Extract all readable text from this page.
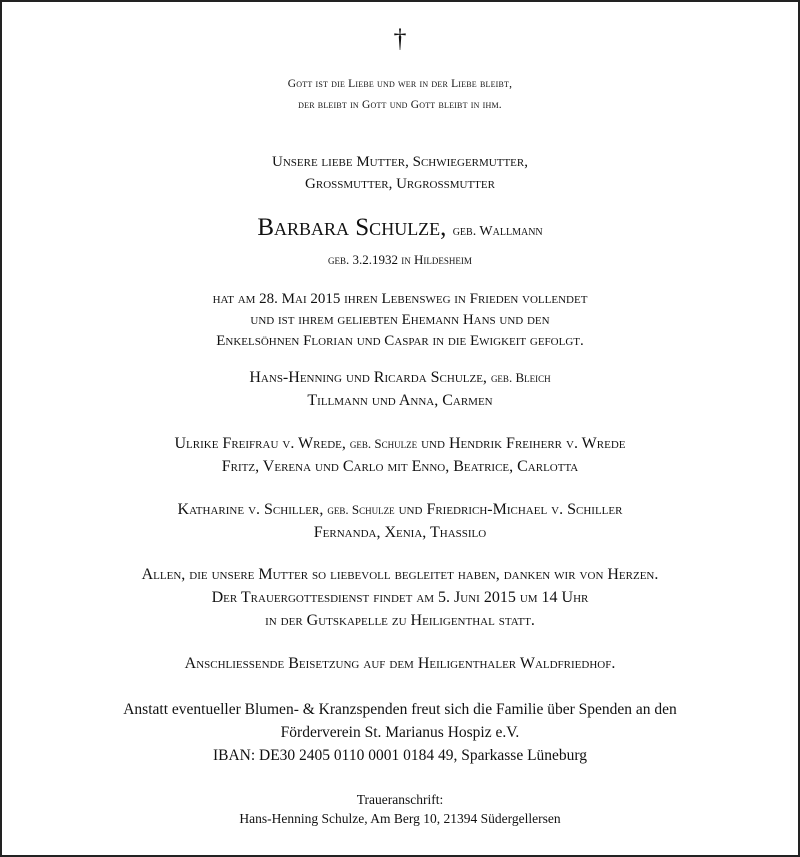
†
Gott ist die Liebe und wer in der Liebe bleibt,
der bleibt in Gott und Gott bleibt in ihm.
Unsere liebe Mutter, Schwiegermutter,
Grossmutter, Urgrossmutter
Barbara Schulze, geb. Wallmann
geb. 3.2.1932 in Hildesheim
hat am 28. Mai 2015 ihren Lebensweg in Frieden vollendet
und ist ihrem geliebten Ehemann Hans und den
Enkelsöhnen Florian und Caspar in die Ewigkeit gefolgt.
Hans-Henning und Ricarda Schulze, geb. Bleich
Tillmann und Anna, Carmen
Ulrike Freifrau v. Wrede, geb. Schulze und Hendrik Freiherr v. Wrede
Fritz, Verena und Carlo mit Enno, Beatrice, Carlotta
Katharine v. Schiller, geb. Schulze und Friedrich-Michael v. Schiller
Fernanda, Xenia, Thassilo
Allen, die unsere Mutter so liebevoll begleitet haben, danken wir von Herzen.
Der Trauergottesdienst findet am 5. Juni 2015 um 14 Uhr
in der Gutskapelle zu Heiligenthal statt.
Anschliessende Beisetzung auf dem Heiligenthaler Waldfriedhof.
Anstatt eventueller Blumen- & Kranzspenden freut sich die Familie über Spenden an den
Förderverein St. Marianus Hospiz e.V.
IBAN: DE30 2405 0110 0001 0184 49, Sparkasse Lüneburg
Traueranschrift:
Hans-Henning Schulze, Am Berg 10, 21394 Südergellersen
